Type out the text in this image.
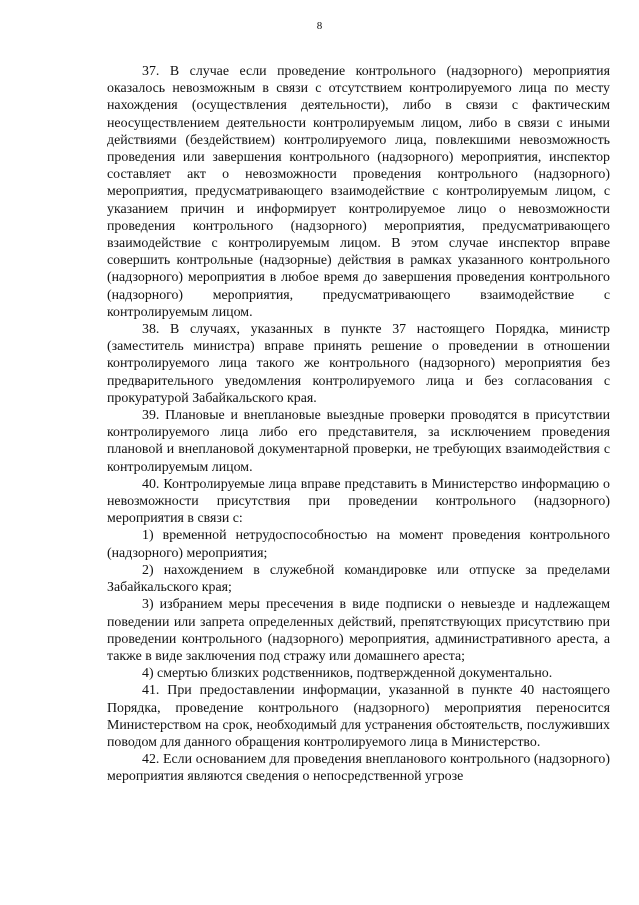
8

37. В случае если проведение контрольного (надзорного) мероприятия оказалось невозможным в связи с отсутствием контролируемого лица по месту нахождения (осуществления деятельности), либо в связи с фактическим неосуществлением деятельности контролируемым лицом, либо в связи с иными действиями (бездействием) контролируемого лица, повлекшими невозможность проведения или завершения контрольного (надзорного) мероприятия, инспектор составляет акт о невозможности проведения контрольного (надзорного) мероприятия, предусматривающего взаимодействие с контролируемым лицом, с указанием причин и информирует контролируемое лицо о невозможности проведения контрольного (надзорного) мероприятия, предусматривающего взаимодействие с контролируемым лицом. В этом случае инспектор вправе совершить контрольные (надзорные) действия в рамках указанного контрольного (надзорного) мероприятия в любое время до завершения проведения контрольного (надзорного) мероприятия, предусматривающего взаимодействие с контролируемым лицом.

38. В случаях, указанных в пункте 37 настоящего Порядка, министр (заместитель министра) вправе принять решение о проведении в отношении контролируемого лица такого же контрольного (надзорного) мероприятия без предварительного уведомления контролируемого лица и без согласования с прокуратурой Забайкальского края.

39. Плановые и внеплановые выездные проверки проводятся в присутствии контролируемого лица либо его представителя, за исключением проведения плановой и внеплановой документарной проверки, не требующих взаимодействия с контролируемым лицом.

40. Контролируемые лица вправе представить в Министерство информацию о невозможности присутствия при проведении контрольного (надзорного) мероприятия в связи с:

1) временной нетрудоспособностью на момент проведения контрольного (надзорного) мероприятия;

2) нахождением в служебной командировке или отпуске за пределами Забайкальского края;

3) избранием меры пресечения в виде подписки о невыезде и надлежащем поведении или запрета определенных действий, препятствующих присутствию при проведении контрольного (надзорного) мероприятия, административного ареста, а также в виде заключения под стражу или домашнего ареста;

4) смертью близких родственников, подтвержденной документально.

41. При предоставлении информации, указанной в пункте 40 настоящего Порядка, проведение контрольного (надзорного) мероприятия переносится Министерством на срок, необходимый для устранения обстоятельств, послуживших поводом для данного обращения контролируемого лица в Министерство.

42. Если основанием для проведения внепланового контрольного (надзорного) мероприятия являются сведения о непосредственной угрозе
